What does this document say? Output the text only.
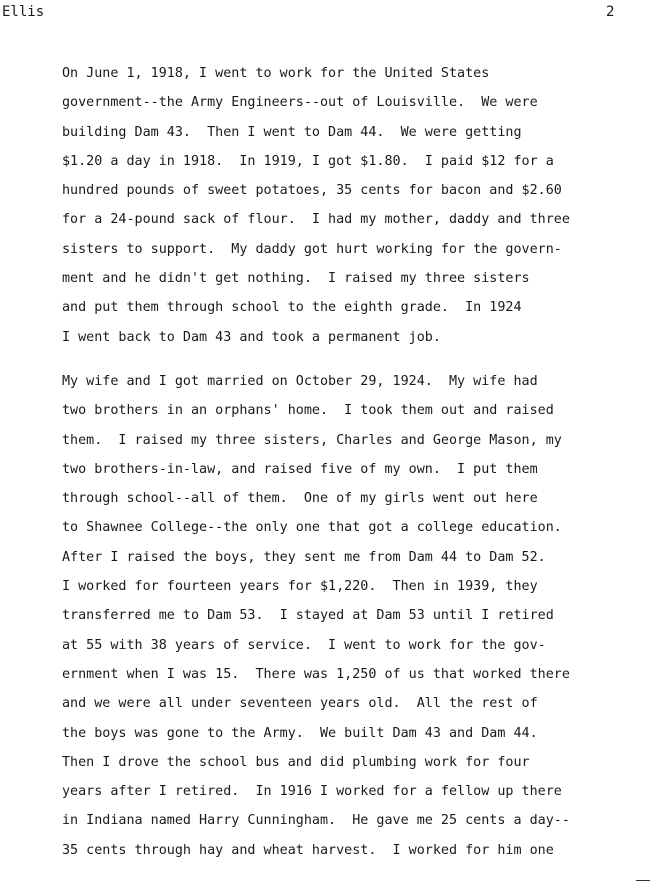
Ellis	2
On June 1, 1918, I went to work for the United States
government--the Army Engineers--out of Louisville.  We were
building Dam 43.  Then I went to Dam 44.  We were getting
$1.20 a day in 1918.  In 1919, I got $1.80.  I paid $12 for a
hundred pounds of sweet potatoes, 35 cents for bacon and $2.60
for a 24-pound sack of flour.  I had my mother, daddy and three
sisters to support.  My daddy got hurt working for the govern-
ment and he didn't get nothing.  I raised my three sisters
and put them through school to the eighth grade.  In 1924
I went back to Dam 43 and took a permanent job.
My wife and I got married on October 29, 1924.  My wife had
two brothers in an orphans' home.  I took them out and raised
them.  I raised my three sisters, Charles and George Mason, my
two brothers-in-law, and raised five of my own.  I put them
through school--all of them.  One of my girls went out here
to Shawnee College--the only one that got a college education.
After I raised the boys, they sent me from Dam 44 to Dam 52.
I worked for fourteen years for $1,220.  Then in 1939, they
transferred me to Dam 53.  I stayed at Dam 53 until I retired
at 55 with 38 years of service.  I went to work for the gov-
ernment when I was 15.  There was 1,250 of us that worked there
and we were all under seventeen years old.  All the rest of
the boys was gone to the Army.  We built Dam 43 and Dam 44.
Then I drove the school bus and did plumbing work for four
years after I retired.  In 1916 I worked for a fellow up there
in Indiana named Harry Cunningham.  He gave me 25 cents a day--
35 cents through hay and wheat harvest.  I worked for him one
